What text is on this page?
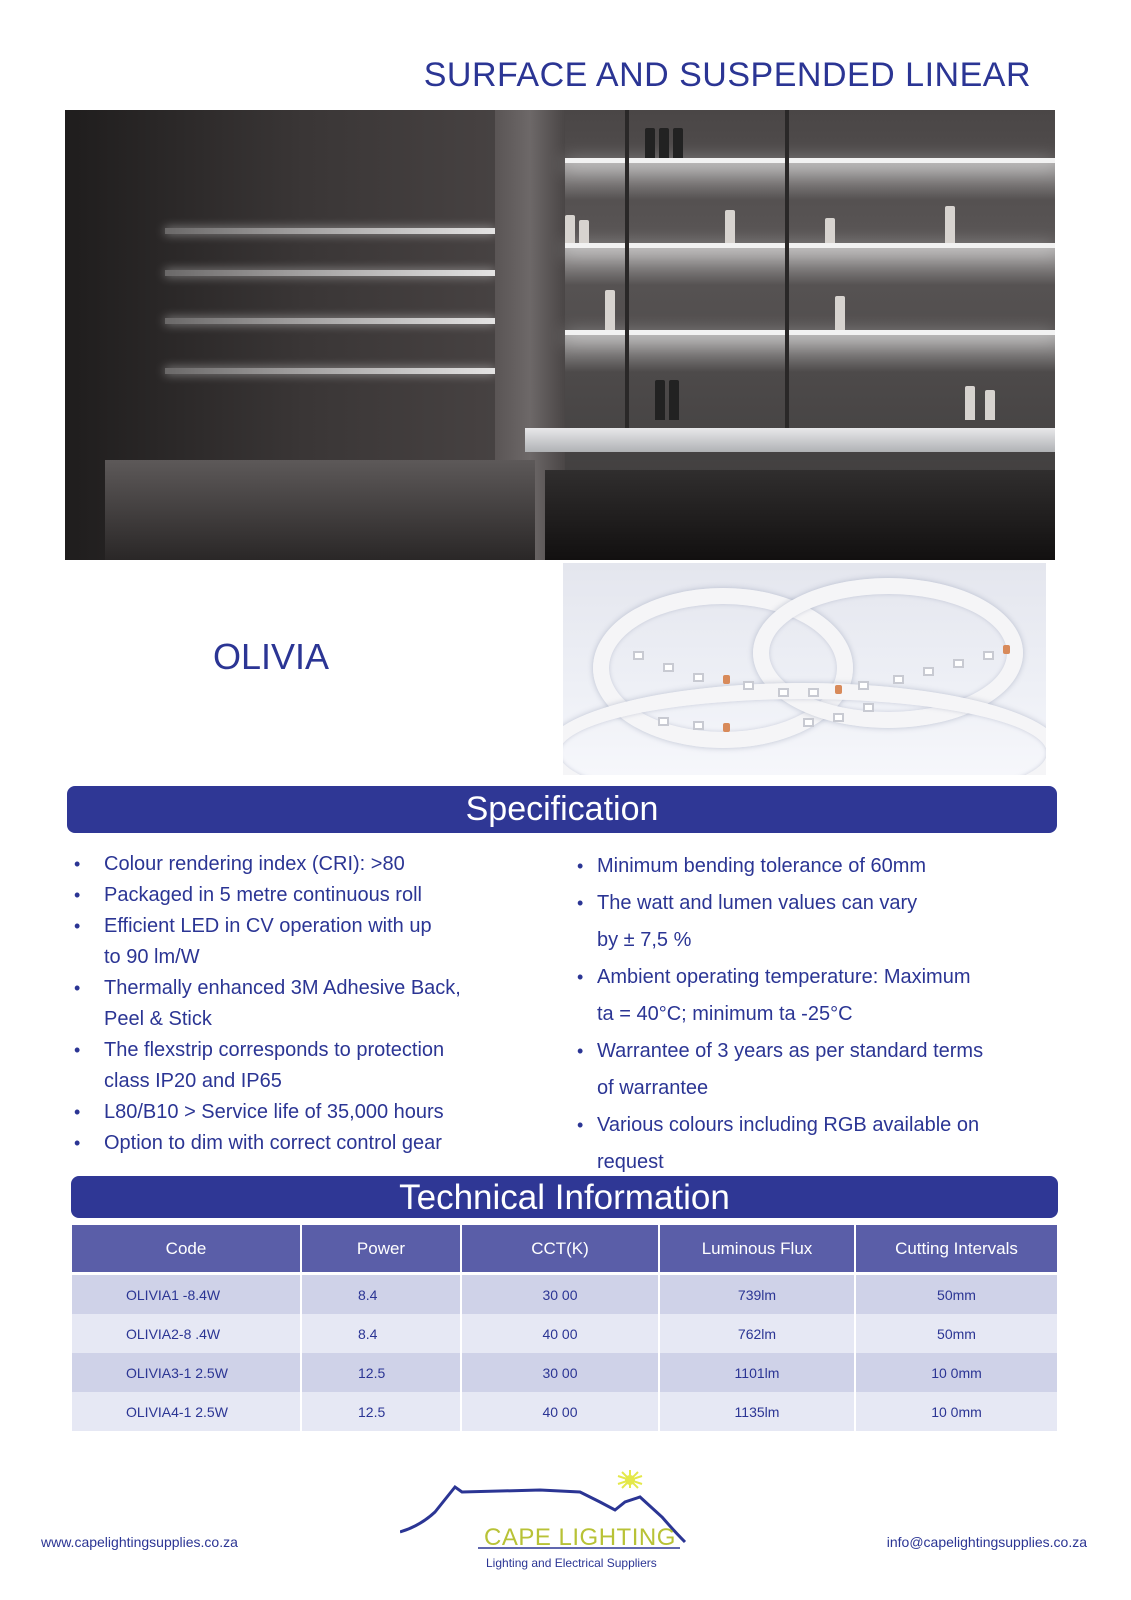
SURFACE AND SUSPENDED LINEAR
OLIVIA
Specification
• Colour rendering index (CRI): >80
• Packaged in 5 metre continuous roll
• Efficient LED in CV operation with up
to 90 lm/W
• Thermally enhanced 3M Adhesive Back,
Peel & Stick
• The flexstrip corresponds to protection
class IP20 and IP65
• L80/B10 > Service life of 35,000 hours
• Option to dim with correct control gear
• Minimum bending tolerance of 60mm
• The watt and lumen values can vary
by ± 7,5 %
• Ambient operating temperature: Maximum
ta = 40°C; minimum ta -25°C
• Warrantee of 3 years as per standard terms
of warrantee
• Various colours including RGB available on
request
Technical Information
Code	Power	CCT(K)	Luminous Flux	Cutting Intervals
OLIVIA1 -8.4W	8.4	30 00	739lm	50mm
OLIVIA2-8 .4W	8.4	40 00	762lm	50mm
OLIVIA3-1 2.5W	12.5	30 00	1101lm	10 0mm
OLIVIA4-1 2.5W	12.5	40 00	1135lm	10 0mm
www.capelightingsupplies.co.za	CAPE LIGHTING
Lighting and Electrical Suppliers
info@capelightingsupplies.co.za
